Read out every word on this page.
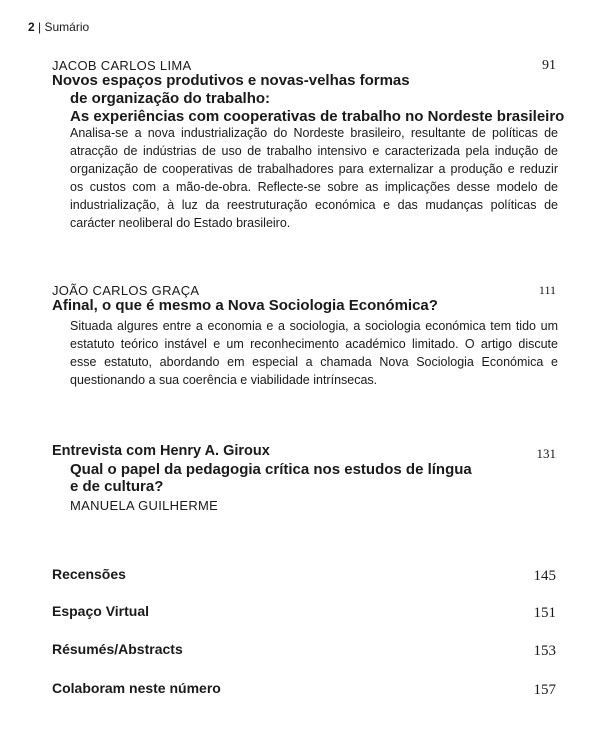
2 | Sumário
JACOB CARLOS LIMA	91
Novos espaços produtivos e novas-velhas formas
de organização do trabalho:
As experiências com cooperativas de trabalho no Nordeste brasileiro

Analisa-se a nova industrialização do Nordeste brasileiro, resultante de políticas de atracção de indústrias de uso de trabalho intensivo e caracterizada pela indução de organização de cooperativas de trabalhadores para externalizar a produção e reduzir os custos com a mão-de-obra. Reflecte-se sobre as implicações desse modelo de industrialização, à luz da reestruturação económica e das mudanças políticas de carácter neoliberal do Estado brasileiro.

JOÃO CARLOS GRAÇA	111
Afinal, o que é mesmo a Nova Sociologia Económica?

Situada algures entre a economia e a sociologia, a sociologia económica tem tido um estatuto teórico instável e um reconhecimento académico limitado. O artigo discute esse estatuto, abordando em especial a chamada Nova Sociologia Económica e questionando a sua coerência e viabilidade intrínsecas.

Entrevista com Henry A. Giroux	131
Qual o papel da pedagogia crítica nos estudos de língua
e de cultura?
MANUELA GUILHERME
Recensões	145
Espaço Virtual	151
Résumés/Abstracts	153
Colaboram neste número	157
